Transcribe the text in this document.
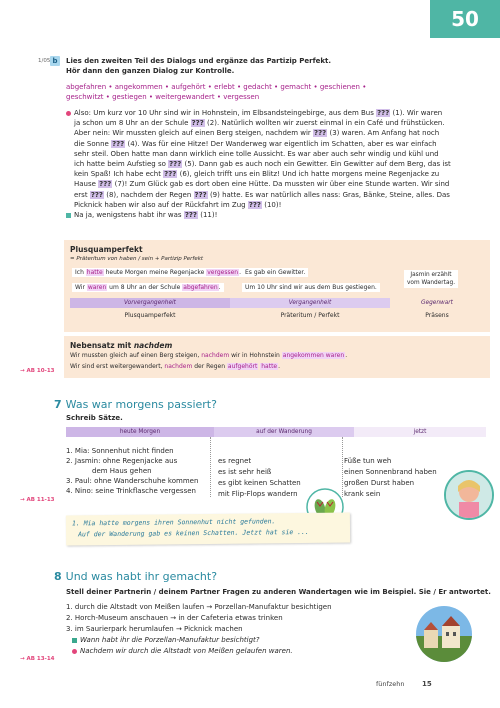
50
1/05
→ AB 10-13
→ AB 11-13
→ AB 13-14
b Lies den zweiten Teil des Dialogs und ergänze das Partizip Perfekt.
Hör dann den ganzen Dialog zur Kontrolle.
abgefahren • angekommen • aufgehört • erlebt • gedacht • gemacht • geschienen •
geschwitzt • gestiegen • weitergewandert • vergessen
Also: Um kurz vor 10 Uhr sind wir in Hohnstein, im Elbsandsteingebirge, aus dem Bus ??? (1). Wir waren
ja schon um 8 Uhr an der Schule ??? (2). Natürlich wollten wir zuerst einmal in ein Café und frühstücken.
Aber nein: Wir mussten gleich auf einen Berg steigen, nachdem wir ??? (3) waren. Am Anfang hat noch
die Sonne ??? (4). Was für eine Hitze! Der Wanderweg war eigentlich im Schatten, aber es war einfach
sehr steil. Oben hatte man dann wirklich eine tolle Aussicht. Es war aber auch sehr windig und kühl und
ich hatte beim Aufstieg so ??? (5). Dann gab es auch noch ein Gewitter. Ein Gewitter auf dem Berg, das ist
kein Spaß! Ich habe echt ??? (6), gleich trifft uns ein Blitz! Und ich hatte morgens meine Regenjacke zu
Hause ??? (7)! Zum Glück gab es dort oben eine Hütte. Da mussten wir über eine Stunde warten. Wir sind
erst ??? (8), nachdem der Regen ??? (9) hatte. Es war natürlich alles nass: Gras, Bänke, Steine, alles. Das
Picknick haben wir also auf der Rückfahrt im Zug ??? (10)!
Na ja, wenigstens habt ihr was ??? (11)!
Plusquamperfekt
= Präteritum von haben / sein + Partizip Perfekt
Ich hatte heute Morgen meine Regenjacke vergessen.
Wir waren um 8 Uhr an der Schule abgefahren.
Es gab ein Gewitter.
Um 10 Uhr sind wir aus dem Bus gestiegen.
Jasmin erzählt
vom Wandertag.
Vorvergangenheit	Vergangenheit	Gegenwart
Plusquamperfekt	Präteritum / Perfekt	Präsens
Nebensatz mit nachdem
Wir mussten gleich auf einen Berg steigen, nachdem wir in Hohnstein angekommen waren.
Wir sind erst weitergewandert, nachdem der Regen aufgehört hatte.
7 Was war morgens passiert?
Schreib Sätze.
heute Morgen	auf der Wanderung	jetzt
1. Mia: Sonnenhut nicht finden
2. Jasmin: ohne Regenjacke aus
dem Haus gehen
3. Paul: ohne Wanderschuhe kommen
4. Nino: seine Trinkflasche vergessen
es regnet
es ist sehr heiß
es gibt keinen Schatten
mit Flip-Flops wandern
Füße tun weh
einen Sonnenbrand haben
großen Durst haben
krank sein
1. Mia hatte morgens ihren Sonnenhut nicht gefunden.
Auf der Wanderung gab es keinen Schatten. Jetzt hat sie ...
8 Und was habt ihr gemacht?
Stell deiner Partnerin / deinem Partner Fragen zu anderen Wandertagen wie im Beispiel. Sie / Er antwortet.
1. durch die Altstadt von Meißen laufen → Porzellan-Manufaktur besichtigen
2. Horch-Museum anschauen → in der Cafeteria etwas trinken
3. im Saurierpark herumlaufen → Picknick machen
Wann habt ihr die Porzellan-Manufaktur besichtigt?
Nachdem wir durch die Altstadt von Meißen gelaufen waren.
fünfzehn	15
